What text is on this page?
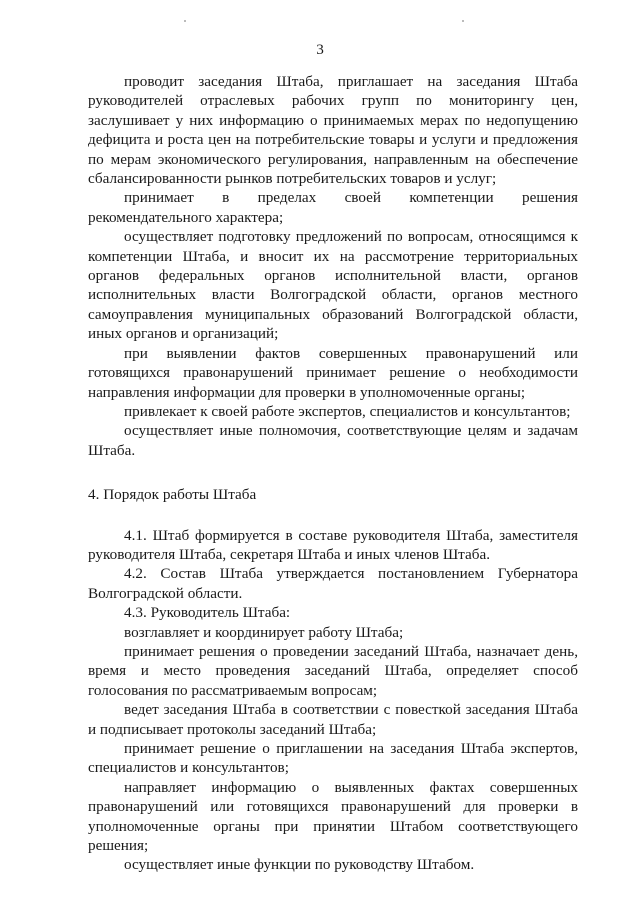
3

проводит заседания Штаба, приглашает на заседания Штаба руководителей отраслевых рабочих групп по мониторингу цен, заслушивает у них информацию о принимаемых мерах по недопущению дефицита и роста цен на потребительские товары и услуги и предложения по мерам экономического регулирования, направленным на обеспечение сбалансированности рынков потребительских товаров и услуг;

принимает в пределах своей компетенции решения рекомендательного характера;

осуществляет подготовку предложений по вопросам, относящимся к компетенции Штаба, и вносит их на рассмотрение территориальных органов федеральных органов исполнительной власти, органов исполнительных власти Волгоградской области, органов местного самоуправления муниципальных образований Волгоградской области, иных органов и организаций;

при выявлении фактов совершенных правонарушений или готовящихся правонарушений принимает решение о необходимости направления информации для проверки в уполномоченные органы;

привлекает к своей работе экспертов, специалистов и консультантов;

осуществляет иные полномочия, соответствующие целям и задачам Штаба.

4. Порядок работы Штаба

4.1. Штаб формируется в составе руководителя Штаба, заместителя руководителя Штаба, секретаря Штаба и иных членов Штаба.

4.2. Состав Штаба утверждается постановлением Губернатора Волгоградской области.

4.3. Руководитель Штаба:

возглавляет и координирует работу Штаба;

принимает решения о проведении заседаний Штаба, назначает день, время и место проведения заседаний Штаба, определяет способ голосования по рассматриваемым вопросам;

ведет заседания Штаба в соответствии с повесткой заседания Штаба и подписывает протоколы заседаний Штаба;

принимает решение о приглашении на заседания Штаба экспертов, специалистов и консультантов;

направляет информацию о выявленных фактах совершенных правонарушений или готовящихся правонарушений для проверки в уполномоченные органы при принятии Штабом соответствующего решения;

осуществляет иные функции по руководству Штабом.
